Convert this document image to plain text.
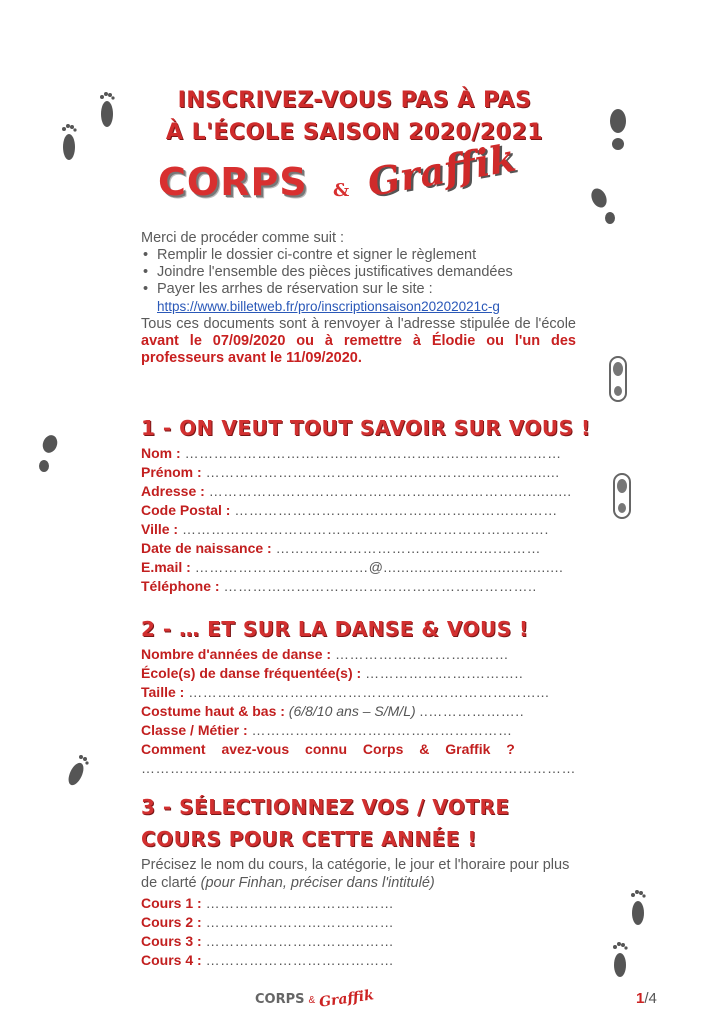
INSCRIVEZ-VOUS PAS À PAS
À L'ÉCOLE SAISON 2020/2021
CORPS & Graffik
Merci de procéder comme suit :
• Remplir le dossier ci-contre et signer le règlement
• Joindre l'ensemble des pièces justificatives demandées
• Payer les arrhes de réservation sur le site :
https://www.billetweb.fr/pro/inscriptionsaison20202021c-g
Tous ces documents sont à renvoyer à l'adresse stipulée de l'école avant le 07/09/2020 ou à remettre à Élodie ou l'un des professeurs avant le 11/09/2020.
1 - ON VEUT TOUT SAVOIR SUR VOUS !
Nom : ……………………………………………………………………
Prénom : …………………………………………………………........
Adresse : …………………………………………………………..........
Code Postal : ………………………………………………….………
Ville : ………………………………………………………………….
Date de naissance : ……………………………………….………
E.mail : ………………………………@.........................................
Téléphone : ………………………………………………………..
2 - … ET SUR LA DANSE & VOUS !
Nombre d'années de danse : ………………………………
École(s) de danse fréquentée(s) : ………………….………..
Taille : ………………………………………………………………...
Costume haut & bas : (6/8/10 ans – S/M/L) ..………………..
Classe / Métier : ………………………………………………
Comment avez-vous connu Corps & Graffik ?
………………………………………………………………………………
3 - SÉLECTIONNEZ VOS / VOTRE
COURS POUR CETTE ANNÉE !
Précisez le nom du cours, la catégorie, le jour et l'horaire pour plus de clarté (pour Finhan, préciser dans l'intitulé)
Cours 1 : …………………………………
Cours 2 : …………………………………
Cours 3 : …………………………………
Cours 4 : …………………………………
CORPS & Graffik	1/4
